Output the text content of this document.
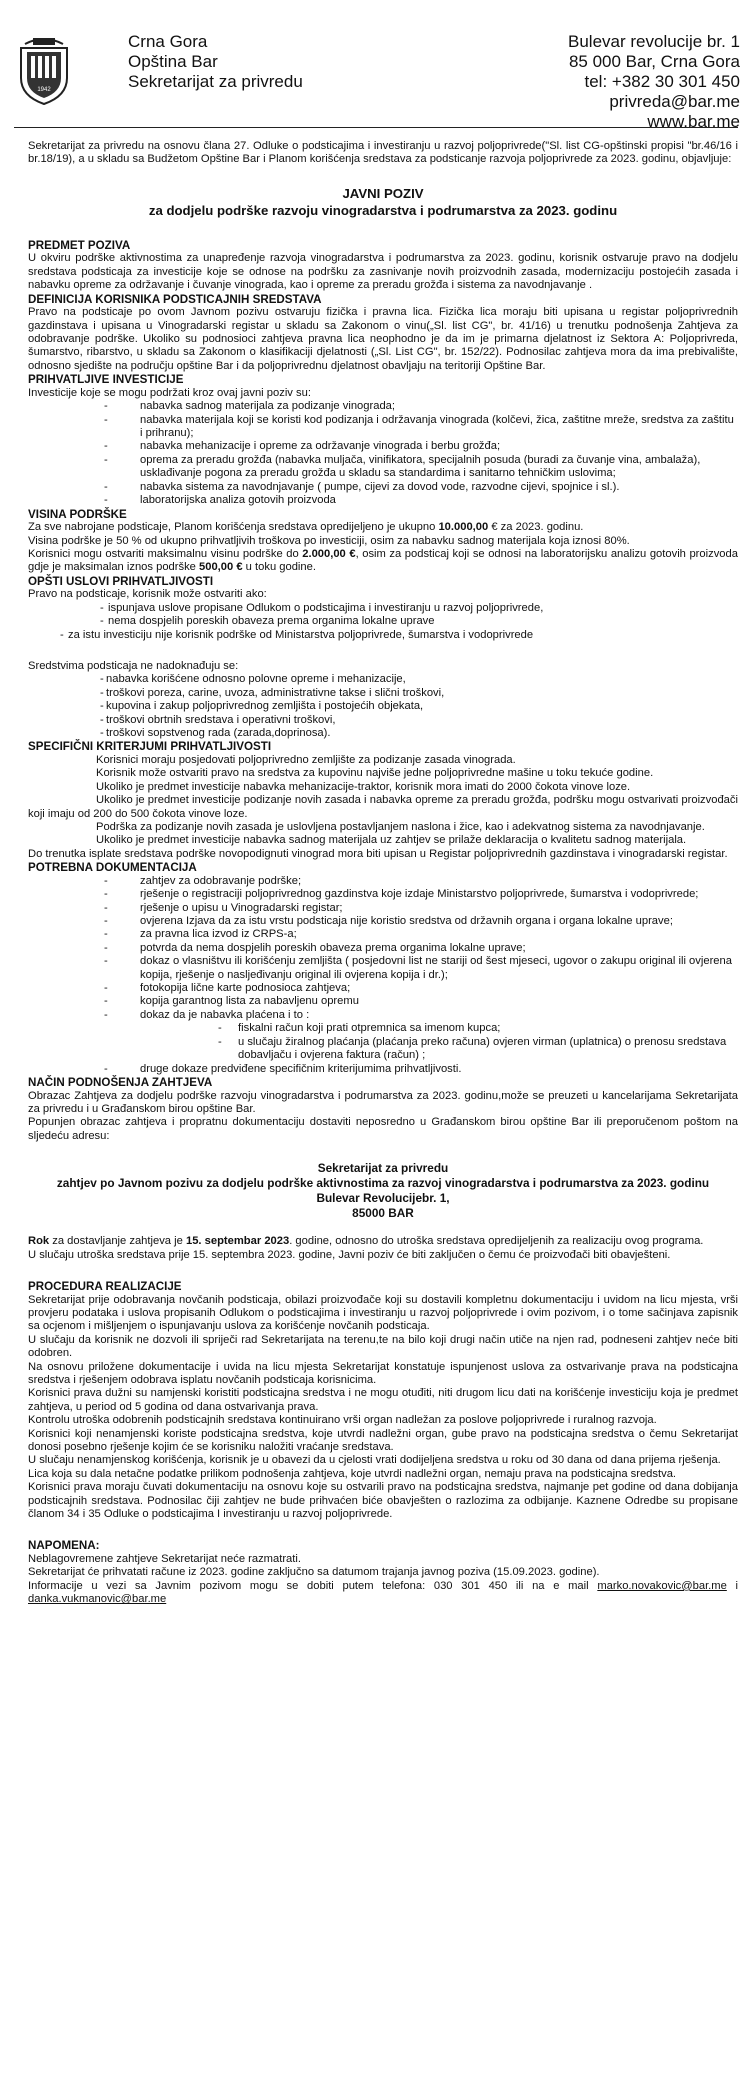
1942
Crna Gora
Opština Bar
Sekretarijat za privredu
Bulevar revolucije br. 1
85 000 Bar, Crna Gora
tel: +382 30 301 450
privreda@bar.me
www.bar.me

Sekretarijat za privredu na osnovu člana 27. Odluke o podsticajima i investiranju u razvoj poljoprivrede("Sl. list CG-opštinski propisi "br.46/16 i br.18/19), a u skladu sa Budžetom Opštine Bar i Planom korišćenja sredstava za podsticanje razvoja poljoprivrede za 2023. godinu, objavljuje:

JAVNI POZIV
za dodjelu podrške razvoju vinogradarstva i podrumarstva za 2023. godinu
PREDMET POZIVA

U okviru podrške aktivnostima za unapređenje razvoja vinogradarstva i podrumarstva za 2023. godinu, korisnik ostvaruje pravo na dodjelu sredstava podsticaja za investicije koje se odnose na podršku za zasnivanje novih proizvodnih zasada, modernizaciju postojećih zasada i nabavku opreme za održavanje i čuvanje vinograda, kao i opreme za preradu grožđa i sistema za navodnjavanje .

DEFINICIJA KORISNIKA PODSTICAJNIH SREDSTAVA

Pravo na podsticaje po ovom Javnom pozivu ostvaruju fizička i pravna lica. Fizička lica moraju biti upisana u registar poljoprivrednih gazdinstava i upisana u Vinogradarski registar u skladu sa Zakonom o vinu(„Sl. list CG", br. 41/16) u trenutku podnošenja Zahtjeva za odobravanje podrške. Ukoliko su podnosioci zahtjeva pravna lica neophodno je da im je primarna djelatnost iz Sektora A: Poljoprivreda, šumarstvo, ribarstvo, u skladu sa Zakonom o klasifikaciji djelatnosti („Sl. List CG", br. 152/22). Podnosilac zahtjeva mora da ima prebivalište, odnosno sjedište na području opštine Bar i da poljoprivrednu djelatnost obavljaju na teritoriji Opštine Bar.

PRIHVATLJIVE INVESTICIJE

Investicije koje se mogu podržati kroz ovaj javni poziv su:

- nabavka sadnog materijala za podizanje vinograda;
- nabavka materijala koji se koristi kod podizanja i održavanja vinograda (kolčevi, žica, zaštitne mreže, sredstva za zaštitu i prihranu);
- nabavka mehanizacije i opreme za održavanje vinograda i berbu grožđa;
- oprema za preradu grožđa (nabavka muljača, vinifikatora, specijalnih posuda (buradi za čuvanje vina, ambalaža), usklađivanje pogona za preradu grožđa u skladu sa standardima i sanitarno tehničkim uslovima;
- nabavka sistema za navodnjavanje ( pumpe, cijevi za dovod vode, razvodne cijevi, spojnice i sl.).
- laboratorijska analiza gotovih proizvoda
VISINA PODRŠKE

Za sve nabrojane podsticaje, Planom korišćenja sredstava opredijeljeno je ukupno 10.000,00 € za 2023. godinu.

Visina podrške je 50 % od ukupno prihvatljivih troškova po investiciji, osim za nabavku sadnog materijala koja iznosi 80%.

Korisnici mogu ostvariti maksimalnu visinu podrške do 2.000,00 €, osim za podsticaj koji se odnosi na laboratorijsku analizu gotovih proizvoda gdje je maksimalan iznos podrške 500,00 € u toku godine.

OPŠTI USLOVI PRIHVATLJIVOSTI

Pravo na podsticaje, korisnik može ostvariti ako:

- ispunjava uslove propisane Odlukom o podsticajima i investiranju u razvoj poljoprivrede,
- nema dospjelih poreskih obaveza prema organima lokalne uprave
- za istu investiciju nije korisnik podrške od Ministarstva poljoprivrede, šumarstva i vodoprivrede

Sredstvima podsticaja ne nadoknađuju se:

- nabavka korišćene odnosno polovne opreme i mehanizacije,
- troškovi poreza, carine, uvoza, administrativne takse i slični troškovi,
- kupovina i zakup poljoprivrednog zemljišta i postojećih objekata,
- troškovi obrtnih sredstava i operativni troškovi,
- troškovi sopstvenog rada (zarada,doprinosa).
SPECIFIČNI KRITERJUMI PRIHVATLJIVOSTI

Korisnici moraju posjedovati poljoprivredno zemljište za podizanje zasada vinograda.

Korisnik može ostvariti pravo na sredstva za kupovinu najviše jedne poljoprivredne mašine u toku tekuće godine.

Ukoliko je predmet investicije nabavka mehanizacije-traktor, korisnik mora imati do 2000 čokota vinove loze.

Ukoliko je predmet investicije podizanje novih zasada i nabavka opreme za preradu grožđa, podršku mogu ostvarivati proizvođači koji imaju od 200 do 500 čokota vinove loze.

Podrška za podizanje novih zasada je uslovljena postavljanjem naslona i žice, kao i adekvatnog sistema za navodnjavanje.

Ukoliko je predmet investicije nabavka sadnog materijala uz zahtjev se prilaže deklaracija o kvalitetu sadnog materijala.

Do trenutka isplate sredstava podrške novopodignuti vinograd mora biti upisan u Registar poljoprivrednih gazdinstava i vinogradarski registar.

POTREBNA DOKUMENTACIJA
- zahtjev za odobravanje podrške;
- rješenje o registraciji poljoprivrednog gazdinstva koje izdaje Ministarstvo poljoprivrede, šumarstva i vodoprivrede;
- rješenje o upisu u Vinogradarski registar;
- ovjerena Izjava da za istu vrstu podsticaja nije koristio sredstva od državnih organa i organa lokalne uprave;
- za pravna lica izvod iz CRPS-a;
- potvrda da nema dospjelih poreskih obaveza prema organima lokalne uprave;
- dokaz o vlasništvu ili korišćenju zemljišta ( posjedovni list ne stariji od šest mjeseci, ugovor o zakupu original ili ovjerena kopija, rješenje o nasljeđivanju original ili ovjerena kopija i dr.);
- fotokopija lične karte podnosioca zahtjeva;
- kopija garantnog lista za nabavljenu opremu
- dokaz da je nabavka plaćena i to :
- fiskalni račun koji prati otpremnica sa imenom kupca;
- u slučaju žiralnog plaćanja (plaćanja preko računa) ovjeren virman (uplatnica) o prenosu sredstava dobavljaču i ovjerena faktura (račun) ;
- druge dokaze predviđene specifičnim kriterijumima prihvatljivosti.
NAČIN PODNOŠENJA ZAHTJEVA

Obrazac Zahtjeva za dodjelu podrške razvoju vinogradarstva i podrumarstva za 2023. godinu,može se preuzeti u kancelarijama Sekretarijata za privredu i u Građanskom birou opštine Bar.

Popunjen obrazac zahtjeva i propratnu dokumentaciju dostaviti neposredno u Građanskom birou opštine Bar ili preporučenom poštom na sljedeću adresu:

Sekretarijat za privredu
zahtjev po Javnom pozivu za dodjelu podrške aktivnostima za razvoj vinogradarstva i podrumarstva za 2023. godinu
Bulevar Revolucijebr. 1,
85000 BAR

Rok za dostavljanje zahtjeva je 15. septembar 2023. godine, odnosno do utroška sredstava opredijeljenih za realizaciju ovog programa.

U slučaju utroška sredstava prije 15. septembra 2023. godine, Javni poziv će biti zaključen o čemu će proizvođači biti obavješteni.

PROCEDURA REALIZACIJE

Sekretarijat prije odobravanja novčanih podsticaja, obilazi proizvođače koji su dostavili kompletnu dokumentaciju i uvidom na licu mjesta, vrši provjeru podataka i uslova propisanih Odlukom o podsticajima i investiranju u razvoj poljoprivrede i ovim pozivom, i o tome sačinjava zapisnik sa ocjenom i mišljenjem o ispunjavanju uslova za korišćenje novčanih podsticaja.

U slučaju da korisnik ne dozvoli ili spriječi rad Sekretarijata na terenu,te na bilo koji drugi način utiče na njen rad, podneseni zahtjev neće biti odobren.

Na osnovu priložene dokumentacije i uvida na licu mjesta Sekretarijat konstatuje ispunjenost uslova za ostvarivanje prava na podsticajna sredstva i rješenjem odobrava isplatu novčanih podsticaja korisnicima.

Korisnici prava dužni su namjenski koristiti podsticajna sredstva i ne mogu otuđiti, niti drugom licu dati na korišćenje investiciju koja je predmet zahtjeva, u period od 5 godina od dana ostvarivanja prava.

Kontrolu utroška odobrenih podsticajnih sredstava kontinuirano vrši organ nadležan za poslove poljoprivrede i ruralnog razvoja.

Korisnici koji nenamjenski koriste podsticajna sredstva, koje utvrdi nadležni organ, gube pravo na podsticajna sredstva o čemu Sekretarijat donosi posebno rješenje kojim će se korisniku naložiti vraćanje sredstava.

U slučaju nenamjenskog korišćenja, korisnik je u obavezi da u cjelosti vrati dodijeljena sredstva u roku od 30 dana od dana prijema rješenja.

Lica koja su dala netačne podatke prilikom podnošenja zahtjeva, koje utvrdi nadležni organ, nemaju prava na podsticajna sredstva.

Korisnici prava moraju čuvati dokumentaciju na osnovu koje su ostvarili pravo na podsticajna sredstva, najmanje pet godine od dana dobijanja podsticajnih sredstava. Podnosilac čiji zahtjev ne bude prihvaćen biće obavješten o razlozima za odbijanje. Kaznene Odredbe su propisane članom 34 i 35 Odluke o podsticajima I investiranju u razvoj poljoprivrede.

NAPOMENA:

Neblagovremene zahtjeve Sekretarijat neće razmatrati.

Sekretarijat će prihvatati račune iz 2023. godine zaključno sa datumom trajanja javnog poziva (15.09.2023. godine).

Informacije u vezi sa Javnim pozivom mogu se dobiti putem telefona: 030 301 450 ili na e mail marko.novakovic@bar.me i danka.vukmanovic@bar.me
